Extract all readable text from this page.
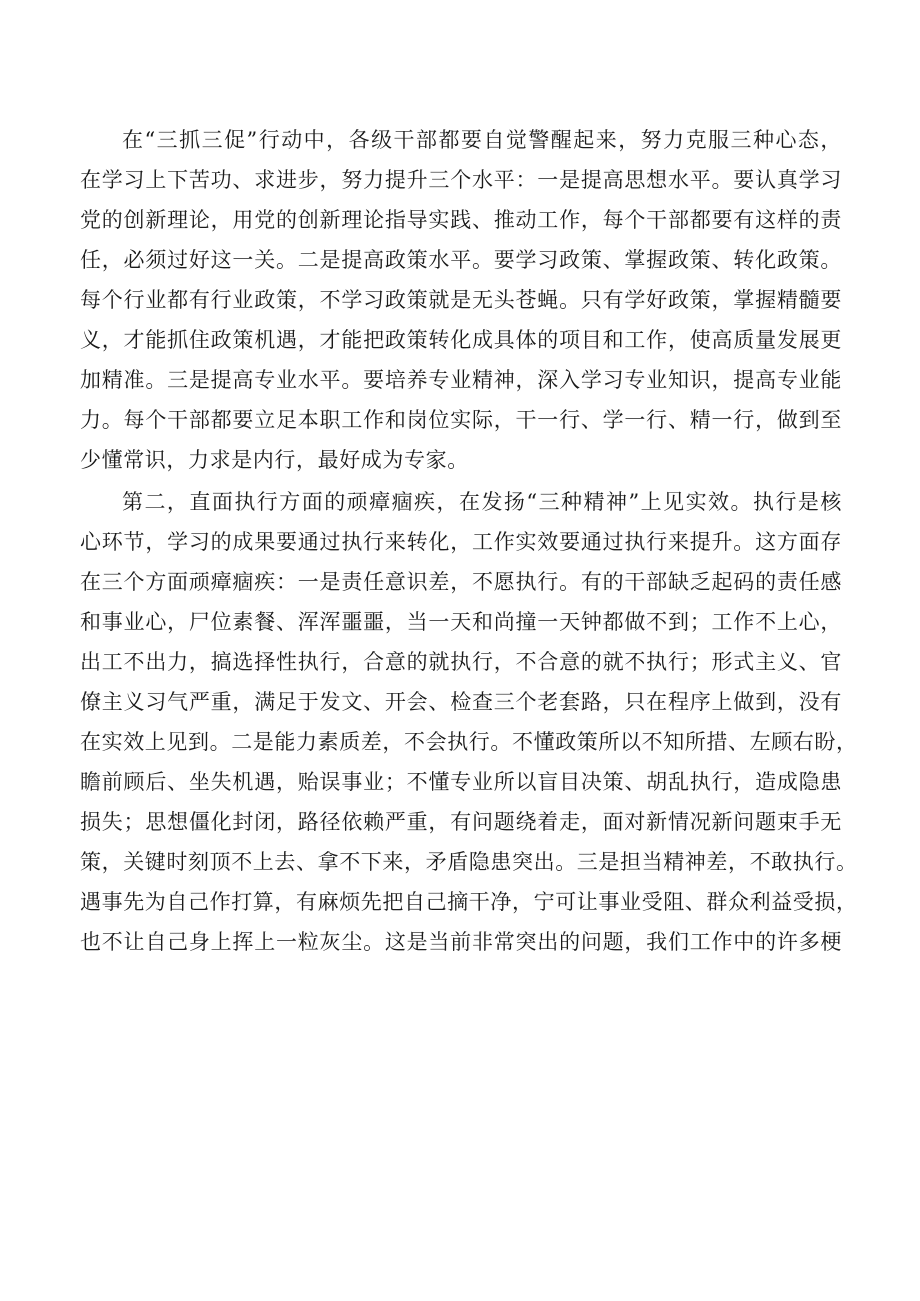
在“三抓三促”行动中，各级干部都要自觉警醒起来，努力克服三种心态，
在学习上下苦功、求进步，努力提升三个水平：一是提高思想水平。要认真学习
党的创新理论，用党的创新理论指导实践、推动工作，每个干部都要有这样的责
任，必须过好这一关。二是提高政策水平。要学习政策、掌握政策、转化政策。
每个行业都有行业政策，不学习政策就是无头苍蝇。只有学好政策，掌握精髓要
义，才能抓住政策机遇，才能把政策转化成具体的项目和工作，使高质量发展更
加精准。三是提高专业水平。要培养专业精神，深入学习专业知识，提高专业能
力。每个干部都要立足本职工作和岗位实际，干一行、学一行、精一行，做到至
少懂常识，力求是内行，最好成为专家。
第二，直面执行方面的顽瘴痼疾，在发扬“三种精神”上见实效。执行是核
心环节，学习的成果要通过执行来转化，工作实效要通过执行来提升。这方面存
在三个方面顽瘴痼疾：一是责任意识差，不愿执行。有的干部缺乏起码的责任感
和事业心，尸位素餐、浑浑噩噩，当一天和尚撞一天钟都做不到；工作不上心，
出工不出力，搞选择性执行，合意的就执行，不合意的就不执行；形式主义、官
僚主义习气严重，满足于发文、开会、检查三个老套路，只在程序上做到，没有
在实效上见到。二是能力素质差，不会执行。不懂政策所以不知所措、左顾右盼，
瞻前顾后、坐失机遇，贻误事业；不懂专业所以盲目决策、胡乱执行，造成隐患
损失；思想僵化封闭，路径依赖严重，有问题绕着走，面对新情况新问题束手无
策，关键时刻顶不上去、拿不下来，矛盾隐患突出。三是担当精神差，不敢执行。
遇事先为自己作打算，有麻烦先把自己摘干净，宁可让事业受阻、群众利益受损，
也不让自己身上挥上一粒灰尘。这是当前非常突出的问题，我们工作中的许多梗
